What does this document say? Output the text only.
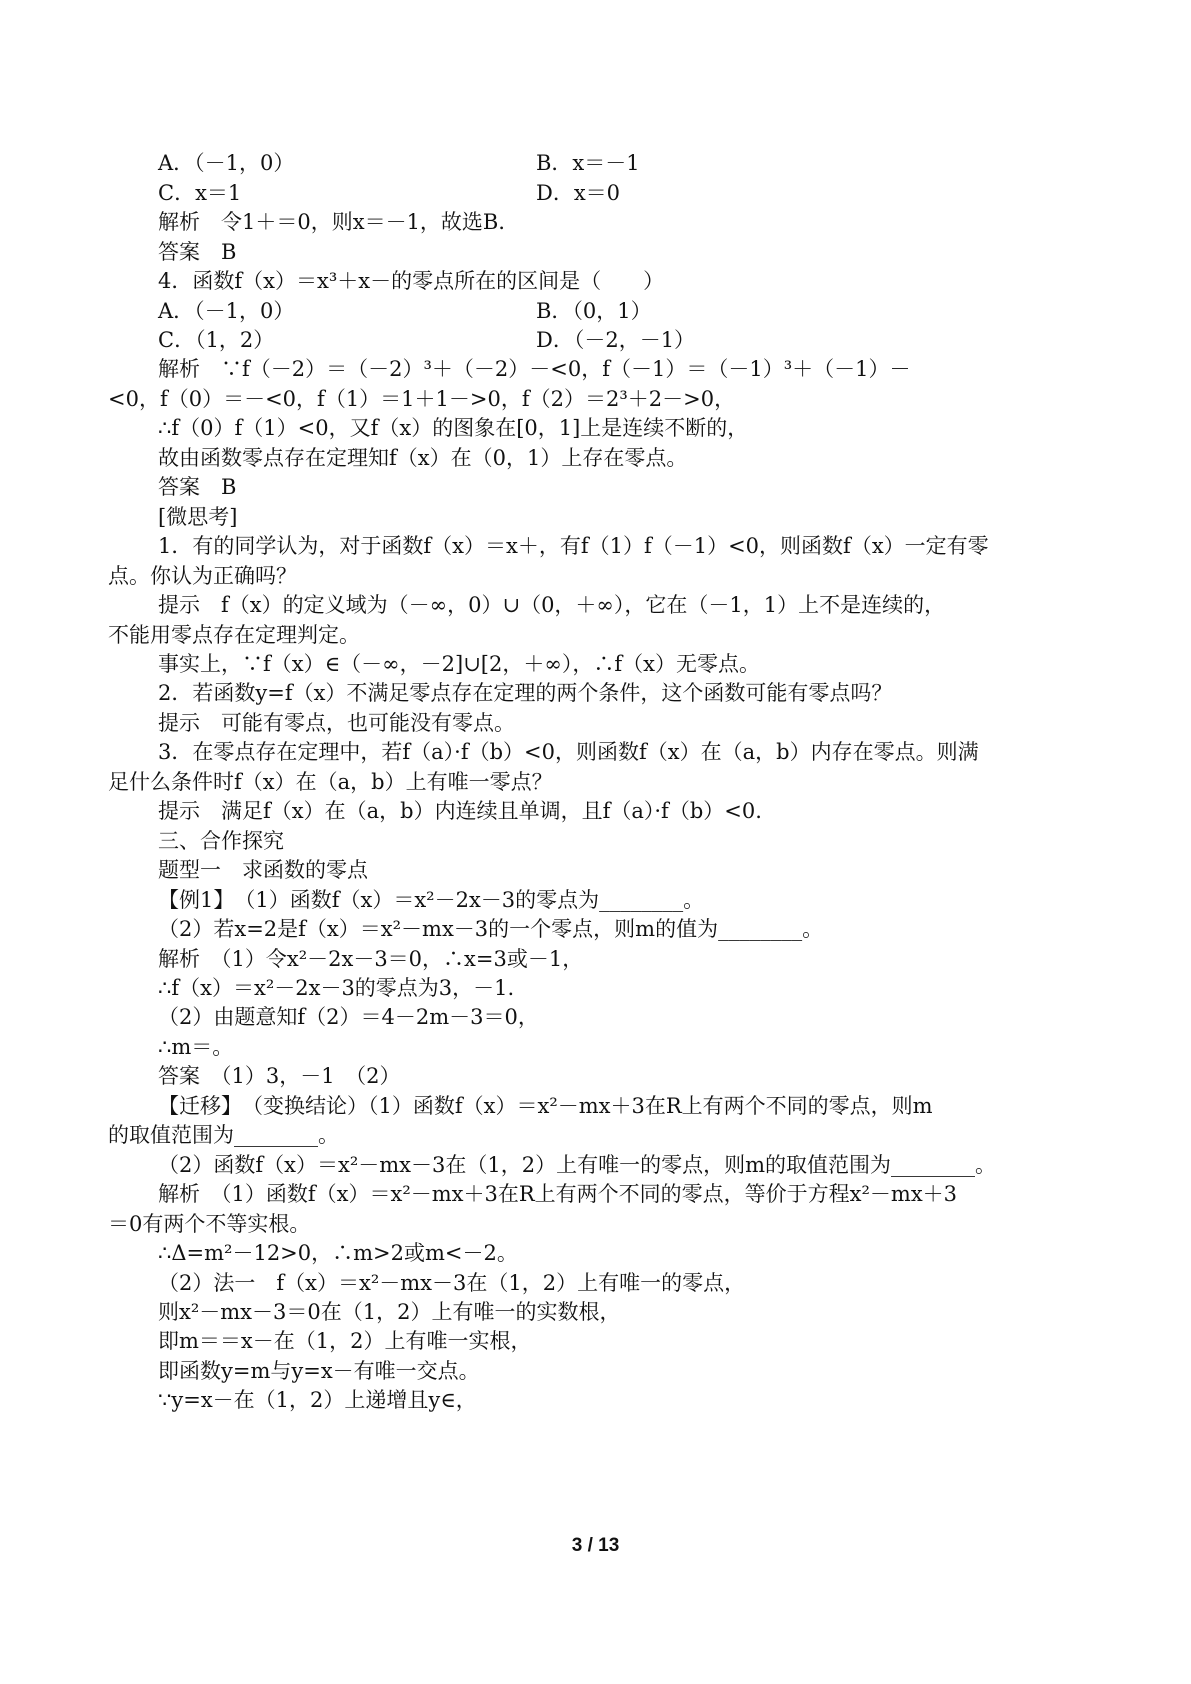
A．（－1，0）	B．x＝－1
C．x＝1	D．x＝0
解析　令1＋＝0，则x＝－1，故选B．
答案　B
4．函数f（x）＝x³＋x－的零点所在的区间是（　　）
A．（－1，0）	B．（0，1）
C．（1，2）	D．（－2，－1）
解析　∵f（－2）＝（－2）³＋（－2）－<0，f（－1）＝（－1）³＋（－1）－
<0，f（0）＝－<0，f（1）＝1＋1－>0，f（2）＝2³＋2－>0，
∴f（0）f（1）<0，又f（x）的图象在[0，1]上是连续不断的，
故由函数零点存在定理知f（x）在（0，1）上存在零点。
答案　B
[微思考]
1．有的同学认为，对于函数f（x）＝x＋，有f（1）f（－1）<0，则函数f（x）一定有零
点。你认为正确吗？
提示　f（x）的定义域为（－∞，0）∪（0，＋∞），它在（－1，1）上不是连续的，
不能用零点存在定理判定。
事实上，∵f（x）∈（－∞，－2]∪[2，＋∞），∴f（x）无零点。
2．若函数y=f（x）不满足零点存在定理的两个条件，这个函数可能有零点吗？
提示　可能有零点，也可能没有零点。
3．在零点存在定理中，若f（a）·f（b）<0，则函数f（x）在（a，b）内存在零点。则满
足什么条件时f（x）在（a，b）上有唯一零点？
提示　满足f（x）在（a，b）内连续且单调，且f（a）·f（b）<0.
三、合作探究
题型一　求函数的零点
【例1】　（1）函数f（x）＝x²－2x－3的零点为________。
（2）若x=2是f（x）＝x²－mx－3的一个零点，则m的值为________。
解析　（1）令x²－2x－3＝0，∴x=3或－1，
∴f（x）＝x²－2x－3的零点为3，－1.
（2）由题意知f（2）＝4－2m－3＝0，
∴m＝。
答案　（1）3，－1　（2）
【迁移】　（变换结论）（1）函数f（x）＝x²－mx＋3在R上有两个不同的零点，则m
的取值范围为________。
（2）函数f（x）＝x²－mx－3在（1，2）上有唯一的零点，则m的取值范围为________。
解析　（1）函数f（x）＝x²－mx＋3在R上有两个不同的零点，等价于方程x²－mx＋3
＝0有两个不等实根。
∴Δ=m²－12>0，∴m>2或m<－2。
（2）法一　f（x）＝x²－mx－3在（1，2）上有唯一的零点，
则x²－mx－3＝0在（1，2）上有唯一的实数根，
即m＝＝x－在（1，2）上有唯一实根，
即函数y=m与y=x－有唯一交点。
∵y=x－在（1，2）上递增且y∈，
3 / 13
